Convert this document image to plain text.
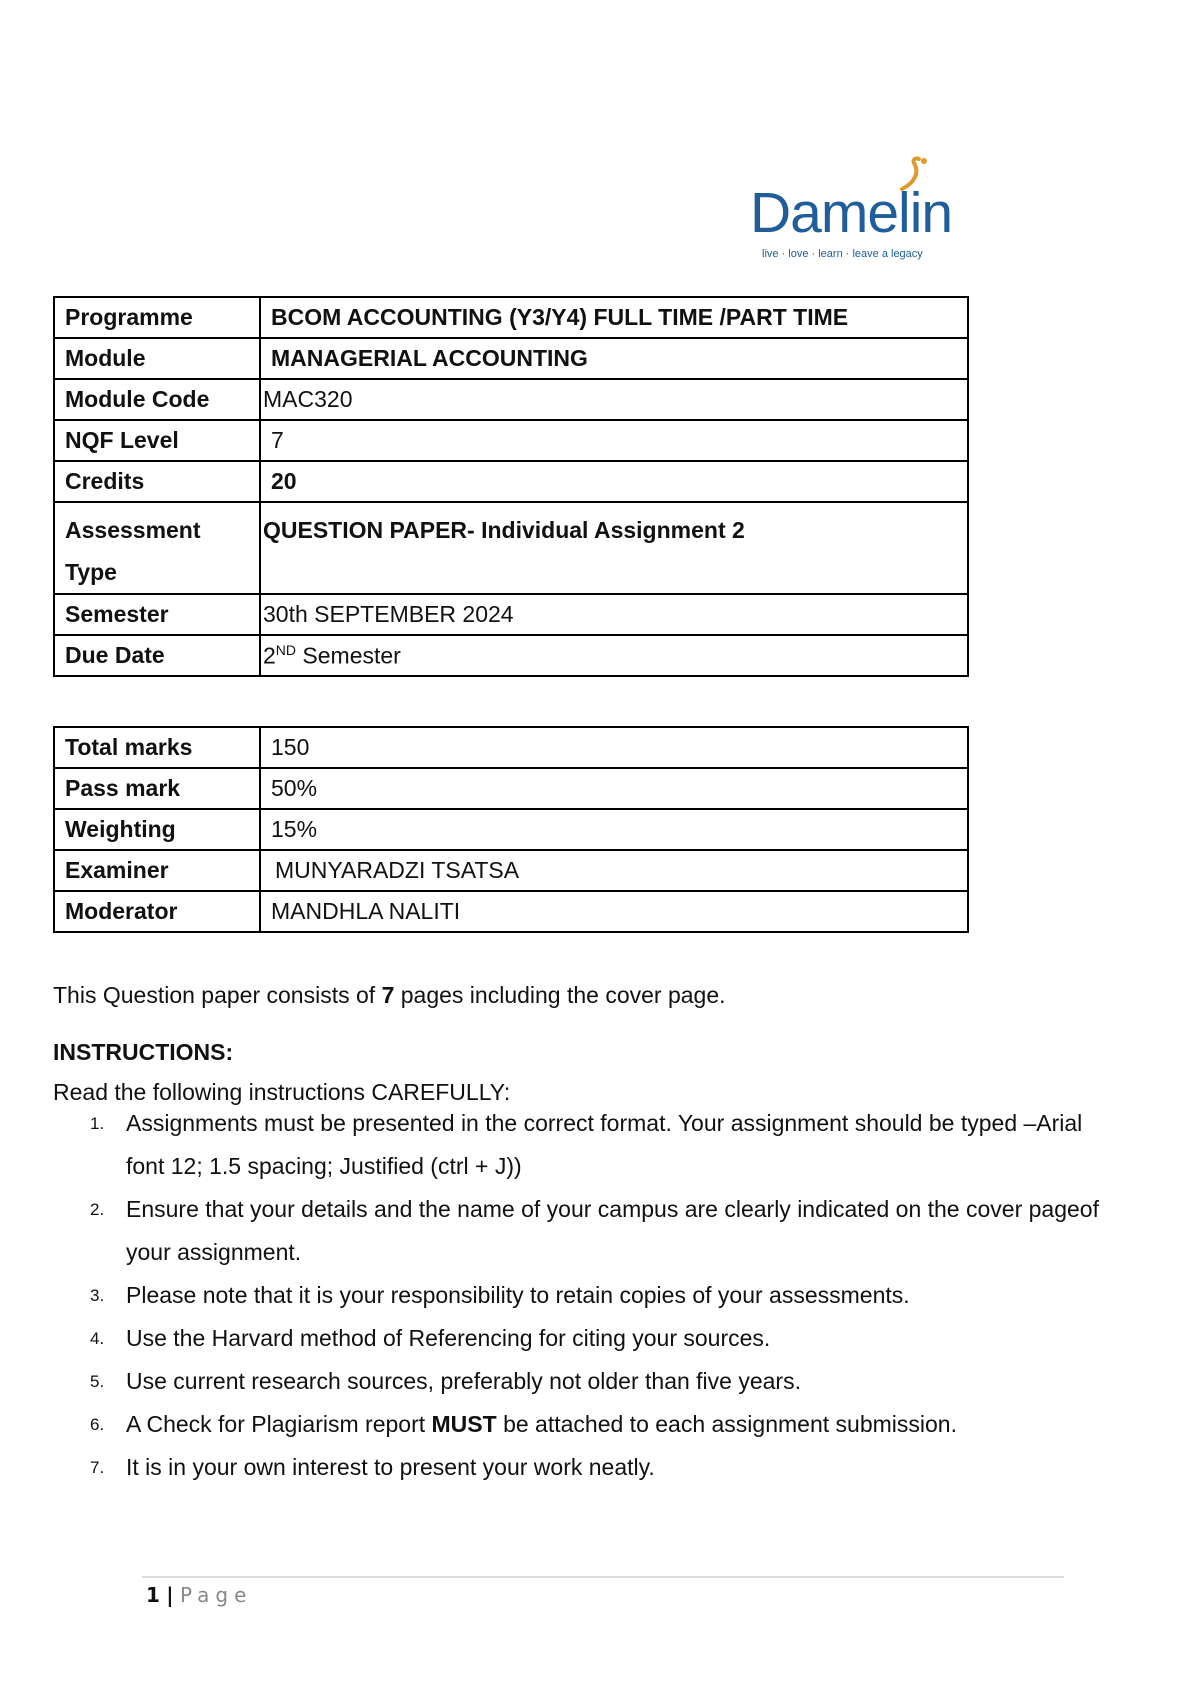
Damelin
live · love · learn · leave a legacy
Programme	BCOM ACCOUNTING (Y3/Y4) FULL TIME /PART TIME
Module	MANAGERIAL ACCOUNTING
Module Code	MAC320
NQF Level	7
Credits	20
Assessment Type	QUESTION PAPER- Individual Assignment 2
Semester	30th SEPTEMBER 2024
Due Date	2ND Semester
Total marks	150
Pass mark	50%
Weighting	15%
Examiner	MUNYARADZI TSATSA
Moderator	MANDHLA NALITI
This Question paper consists of 7 pages including the cover page.
INSTRUCTIONS:
Read the following instructions CAREFULLY:
1. Assignments must be presented in the correct format. Your assignment should be typed –Arial
font 12; 1.5 spacing; Justified (ctrl + J))
2. Ensure that your details and the name of your campus are clearly indicated on the cover pageof
your assignment.
3. Please note that it is your responsibility to retain copies of your assessments.
4. Use the Harvard method of Referencing for citing your sources.
5. Use current research sources, preferably not older than five years.
6. A Check for Plagiarism report MUST be attached to each assignment submission.
7. It is in your own interest to present your work neatly.
1 | Page
